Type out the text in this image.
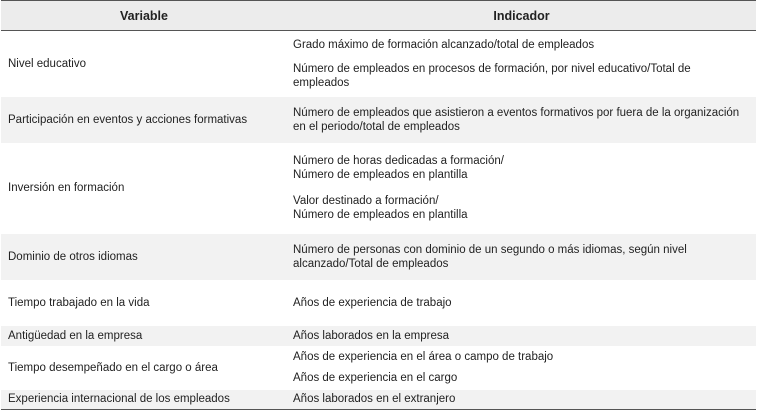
Variable	Indicador
Nivel educativo	Grado máximo de formación alcanzado/total de empleados
Número de empleados en procesos de formación, por nivel educativo/Total de empleados

Participación en eventos y acciones formativas	Número de empleados que asistieron a eventos formativos por fuera de la organización en el periodo/total de empleados

Inversión en formación	Número de horas dedicadas a formación/
Número de empleados en plantilla
Valor destinado a formación/
Número de empleados en plantilla

Dominio de otros idiomas	Número de personas con dominio de un segundo o más idiomas, según nivel alcanzado/Total de empleados

Tiempo trabajado en la vida	Años de experiencia de trabajo

Antigüedad en la empresa	Años laborados en la empresa

Tiempo desempeñado en el cargo o área	Años de experiencia en el área o campo de trabajo
Años de experiencia en el cargo

Experiencia internacional de los empleados	Años laborados en el extranjero
